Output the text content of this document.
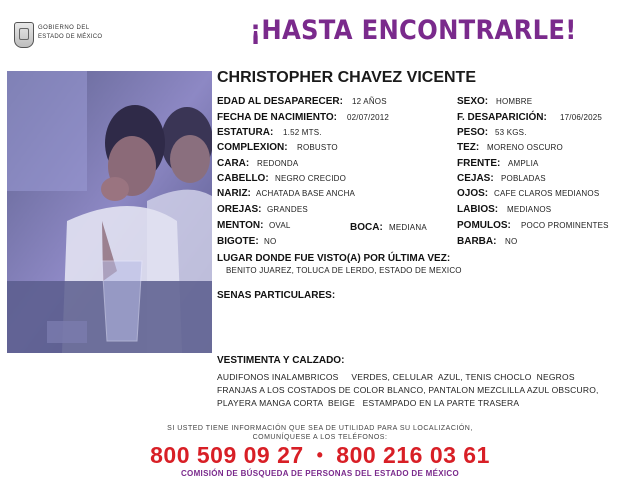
GOBIERNO DEL
ESTADO DE MÉXICO	¡HASTA ENCONTRARLE!
CHRISTOPHER CHAVEZ VICENTE
EDAD AL DESAPARECER: 12 AÑOS
FECHA DE NACIMIENTO: 02/07/2012
ESTATURA: 1.52 MTS.
COMPLEXION: ROBUSTO
CARA: REDONDA
CABELLO: NEGRO CRECIDO
NARIZ: ACHATADA BASE ANCHA
OREJAS: GRANDES
MENTON: OVAL	BOCA: MEDIANA
BIGOTE: NO
SEXO: HOMBRE
F. DESAPARICIÓN: 17/06/2025
PESO: 53 KGS.
TEZ: MORENO OSCURO
FRENTE: AMPLIA
CEJAS: POBLADAS
OJOS: CAFE CLAROS MEDIANOS
LABIOS: MEDIANOS
POMULOS: POCO PROMINENTES
BARBA: NO
LUGAR DONDE FUE VISTO(A) POR ÚLTIMA VEZ:
BENITO JUAREZ, TOLUCA DE LERDO, ESTADO DE MEXICO
SENAS PARTICULARES:
VESTIMENTA Y CALZADO:
AUDIFONOS INALAMBRICOS     VERDES, CELULAR  AZUL, TENIS CHOCLO  NEGROS
FRANJAS A LOS COSTADOS DE COLOR BLANCO, PANTALON MEZCLILLA AZUL OBSCURO,
PLAYERA MANGA CORTA  BEIGE   ESTAMPADO EN LA PARTE TRASERA
SI USTED TIENE INFORMACIÓN QUE SEA DE UTILIDAD PARA SU LOCALIZACIÓN,
COMUNÍQUESE A LOS TELÉFONOS:
800 509 09 27 • 800 216 03 61
COMISIÓN DE BÚSQUEDA DE PERSONAS DEL ESTADO DE MÉXICO
